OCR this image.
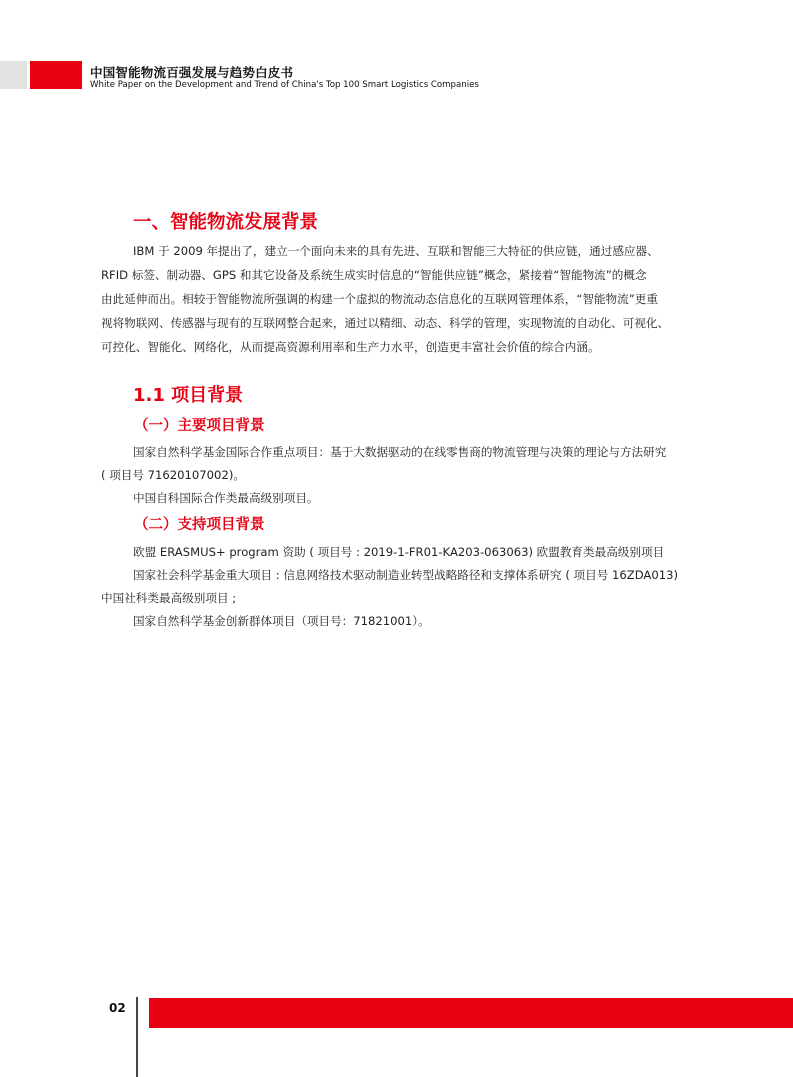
中国智能物流百强发展与趋势白皮书
White Paper on the Development and Trend of China's Top 100 Smart Logistics Companies
一、智能物流发展背景
IBM 于 2009 年提出了，建立一个面向未来的具有先进、互联和智能三大特征的供应链，通过感应器、
RFID 标签、制动器、GPS 和其它设备及系统生成实时信息的“智能供应链”概念，紧接着“智能物流”的概念
由此延伸而出。相较于智能物流所强调的构建一个虚拟的物流动态信息化的互联网管理体系，“智能物流”更重
视将物联网、传感器与现有的互联网整合起来，通过以精细、动态、科学的管理，实现物流的自动化、可视化、
可控化、智能化、网络化，从而提高资源利用率和生产力水平，创造更丰富社会价值的综合内涵。
1.1 项目背景
（一）主要项目背景
国家自然科学基金国际合作重点项目：基于大数据驱动的在线零售商的物流管理与决策的理论与方法研究
( 项目号 71620107002)。
中国自科国际合作类最高级别项目。
（二）支持项目背景
欧盟 ERASMUS+ program 资助 ( 项目号 : 2019-1-FR01-KA203-063063) 欧盟教育类最高级别项目
国家社会科学基金重大项目 : 信息网络技术驱动制造业转型战略路径和支撑体系研究 ( 项目号 16ZDA013)
中国社科类最高级别项目 ;
国家自然科学基金创新群体项目（项目号：71821001）。
02
